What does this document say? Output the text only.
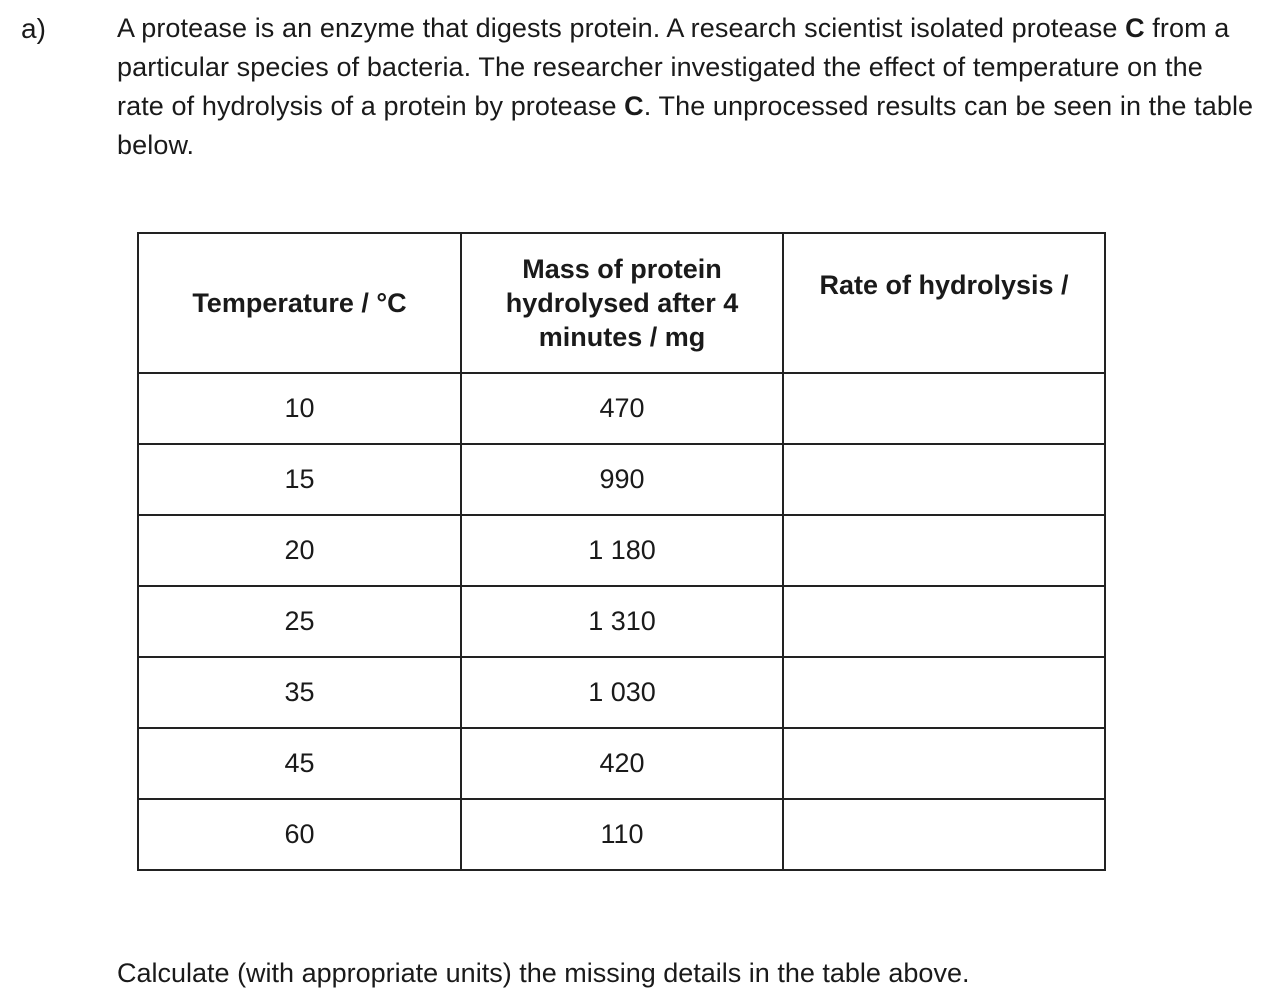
a)	A protease is an enzyme that digests protein. A research scientist isolated protease C from a particular species of bacteria. The researcher investigated the effect of temperature on the rate of hydrolysis of a protein by protease C. The unprocessed results can be seen in the table below.
Temperature / °C	Mass of protein hydrolysed after 4 minutes / mg	Rate of hydrolysis /
10	470	
15	990	
20	1 180	
25	1 310	
35	1 030	
45	420	
60	110	
Calculate (with appropriate units) the missing details in the table above.
